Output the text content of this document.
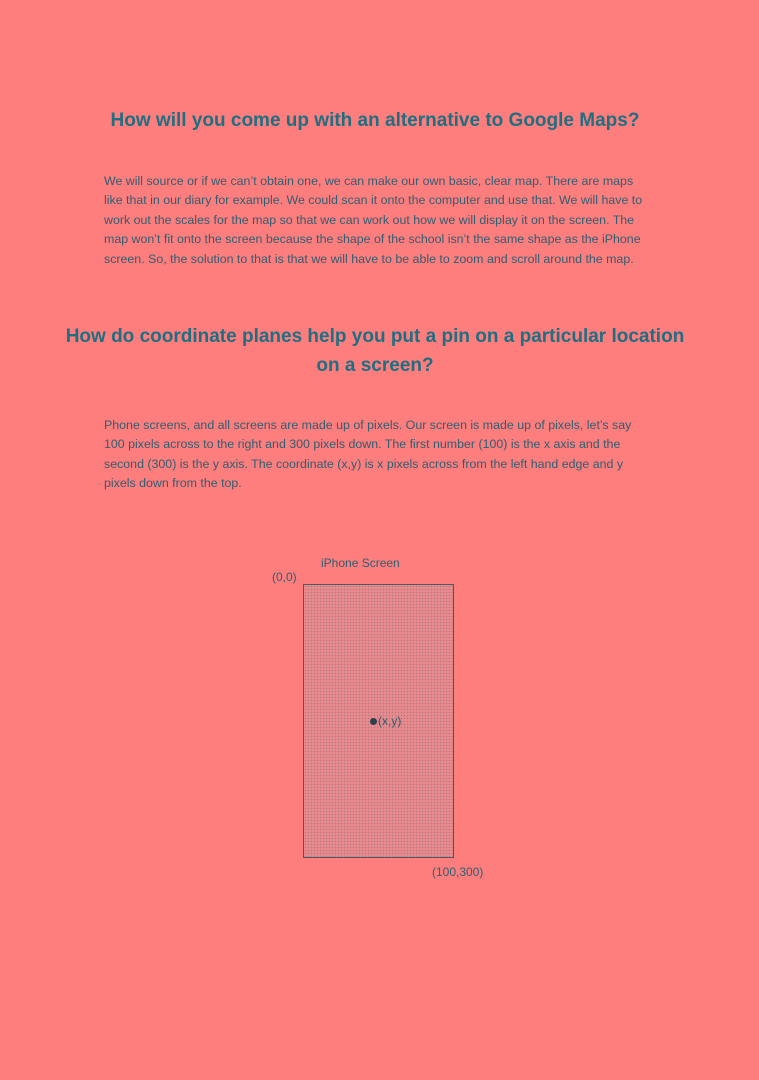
How will you come up with an alternative to Google Maps?

We will source or if we can’t obtain one, we can make our own basic, clear map. There are maps like that in our diary for example. We could scan it onto the computer and use that. We will have to work out the scales for the map so that we can work out how we will display it on the screen. The map won’t fit onto the screen because the shape of the school isn’t the same shape as the iPhone screen. So, the solution to that is that we will have to be able to zoom and scroll around the map.

How do coordinate planes help you put a pin on a particular location on a screen?

Phone screens, and all screens are made up of pixels. Our screen is made up of pixels, let’s say 100 pixels across to the right and 300 pixels down. The first number (100) is the x axis and the second (300) is the y axis. The coordinate (x,y) is x pixels across from the left hand edge and y pixels down from the top.

iPhone Screen
(0,0)
(x,y)
(100,300)
